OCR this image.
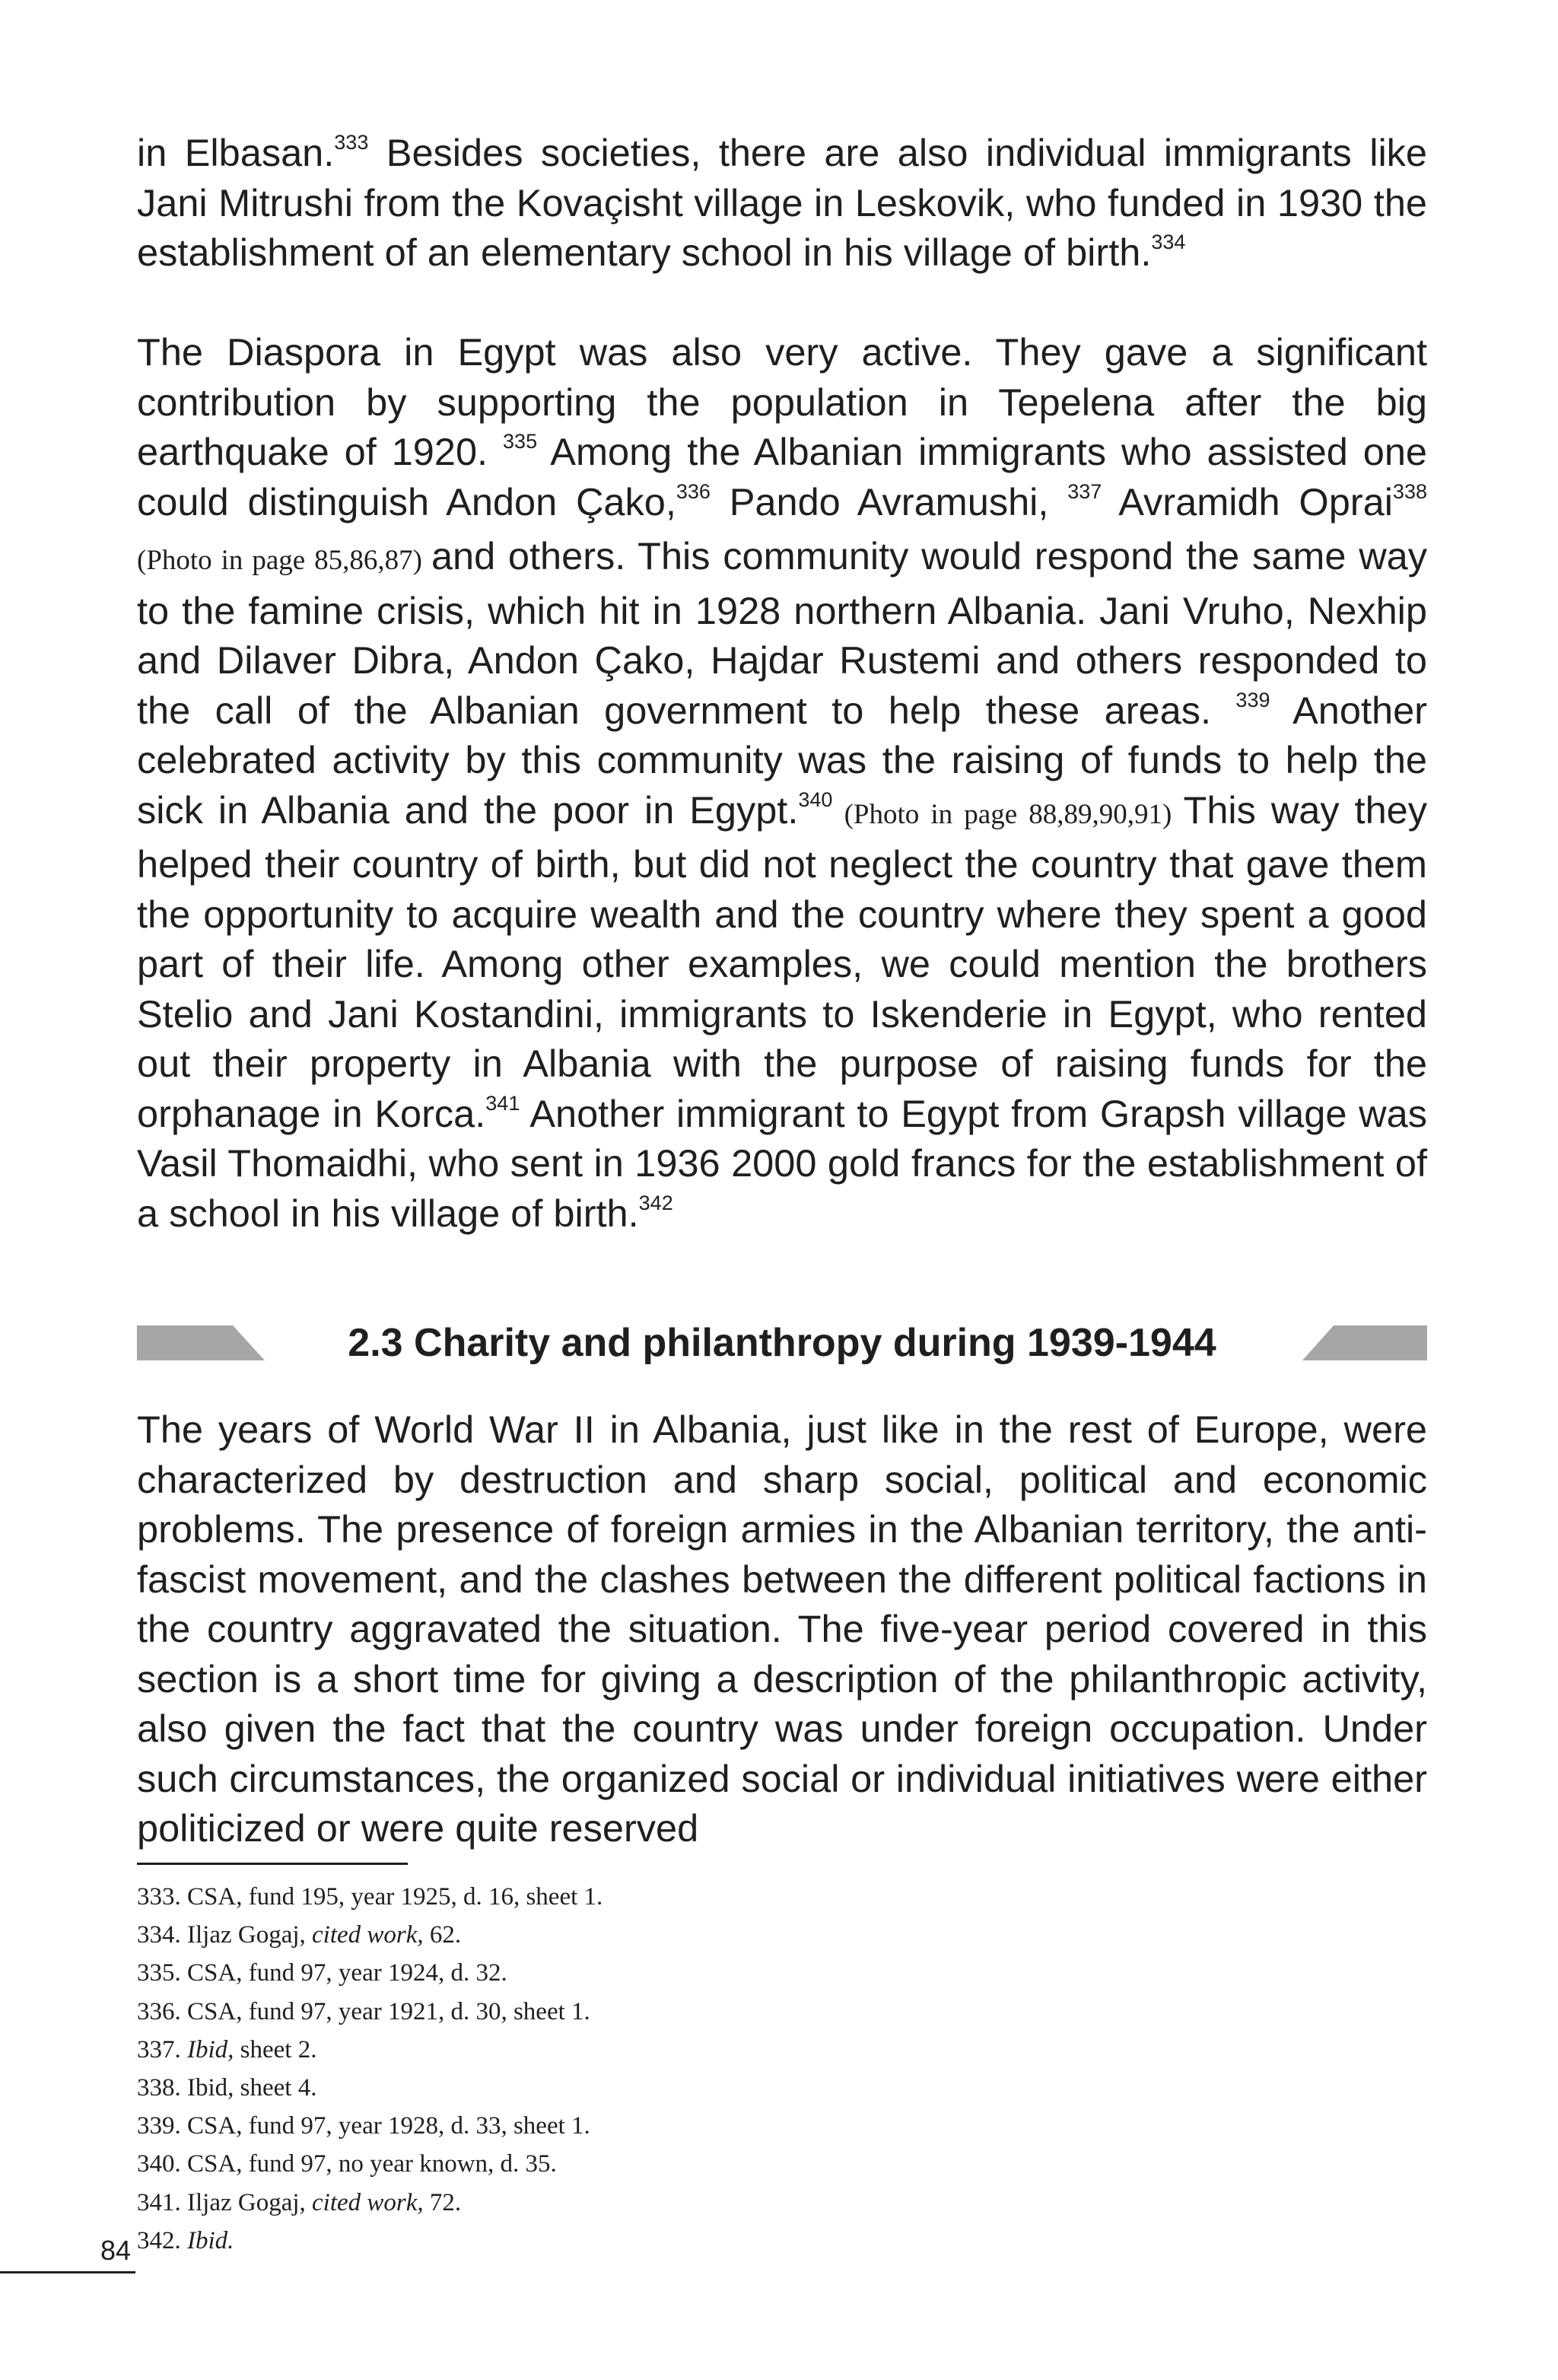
in Elbasan.$^{333}$ Besides societies, there are also individual immigrants like Jani Mitrushi from the Kovaçisht village in Leskovik, who funded in 1930 the establishment of an elementary school in his village of birth.$^{334}$

The Diaspora in Egypt was also very active. They gave a significant contribution by supporting the population in Tepelena after the big earthquake of 1920. $^{335}$ Among the Albanian immigrants who assisted one could distinguish Andon Çako,$^{336}$ Pando Avramushi, $^{337}$ Avramidh Oprai$^{338}$ (Photo in page 85,86,87) and others. This community would respond the same way to the famine crisis, which hit in 1928 northern Albania. Jani Vruho, Nexhip and Dilaver Dibra, Andon Çako, Hajdar Rustemi and others responded to the call of the Albanian government to help these areas. $^{339}$ Another celebrated activity by this community was the raising of funds to help the sick in Albania and the poor in Egypt.$^{340}$ (Photo in page 88,89,90,91) This way they helped their country of birth, but did not neglect the country that gave them the opportunity to acquire wealth and the country where they spent a good part of their life. Among other examples, we could mention the brothers Stelio and Jani Kostandini, immigrants to Iskenderie in Egypt, who rented out their property in Albania with the purpose of raising funds for the orphanage in Korca.$^{341}$ Another immigrant to Egypt from Grapsh village was Vasil Thomaidhi, who sent in 1936 2000 gold francs for the establishment of a school in his village of birth.$^{342}$

2.3 Charity and philanthropy during 1939-1944

The years of World War II in Albania, just like in the rest of Europe, were characterized by destruction and sharp social, political and economic problems. The presence of foreign armies in the Albanian territory, the anti-fascist movement, and the clashes between the different political factions in the country aggravated the situation. The five-year period covered in this section is a short time for giving a description of the philanthropic activity, also given the fact that the country was under foreign occupation. Under such circumstances, the organized social or individual initiatives were either politicized or were quite reserved

333. CSA, fund 195, year 1925, d. 16, sheet 1.
334. Iljaz Gogaj, cited work, 62.
335. CSA, fund 97, year 1924, d. 32.
336. CSA, fund 97, year 1921, d. 30, sheet 1.
337. Ibid, sheet 2.
338. Ibid, sheet 4.
339. CSA, fund 97, year 1928, d. 33, sheet 1.
340. CSA, fund 97, no year known, d. 35.
341. Iljaz Gogaj, cited work, 72.
342. Ibid.
84
